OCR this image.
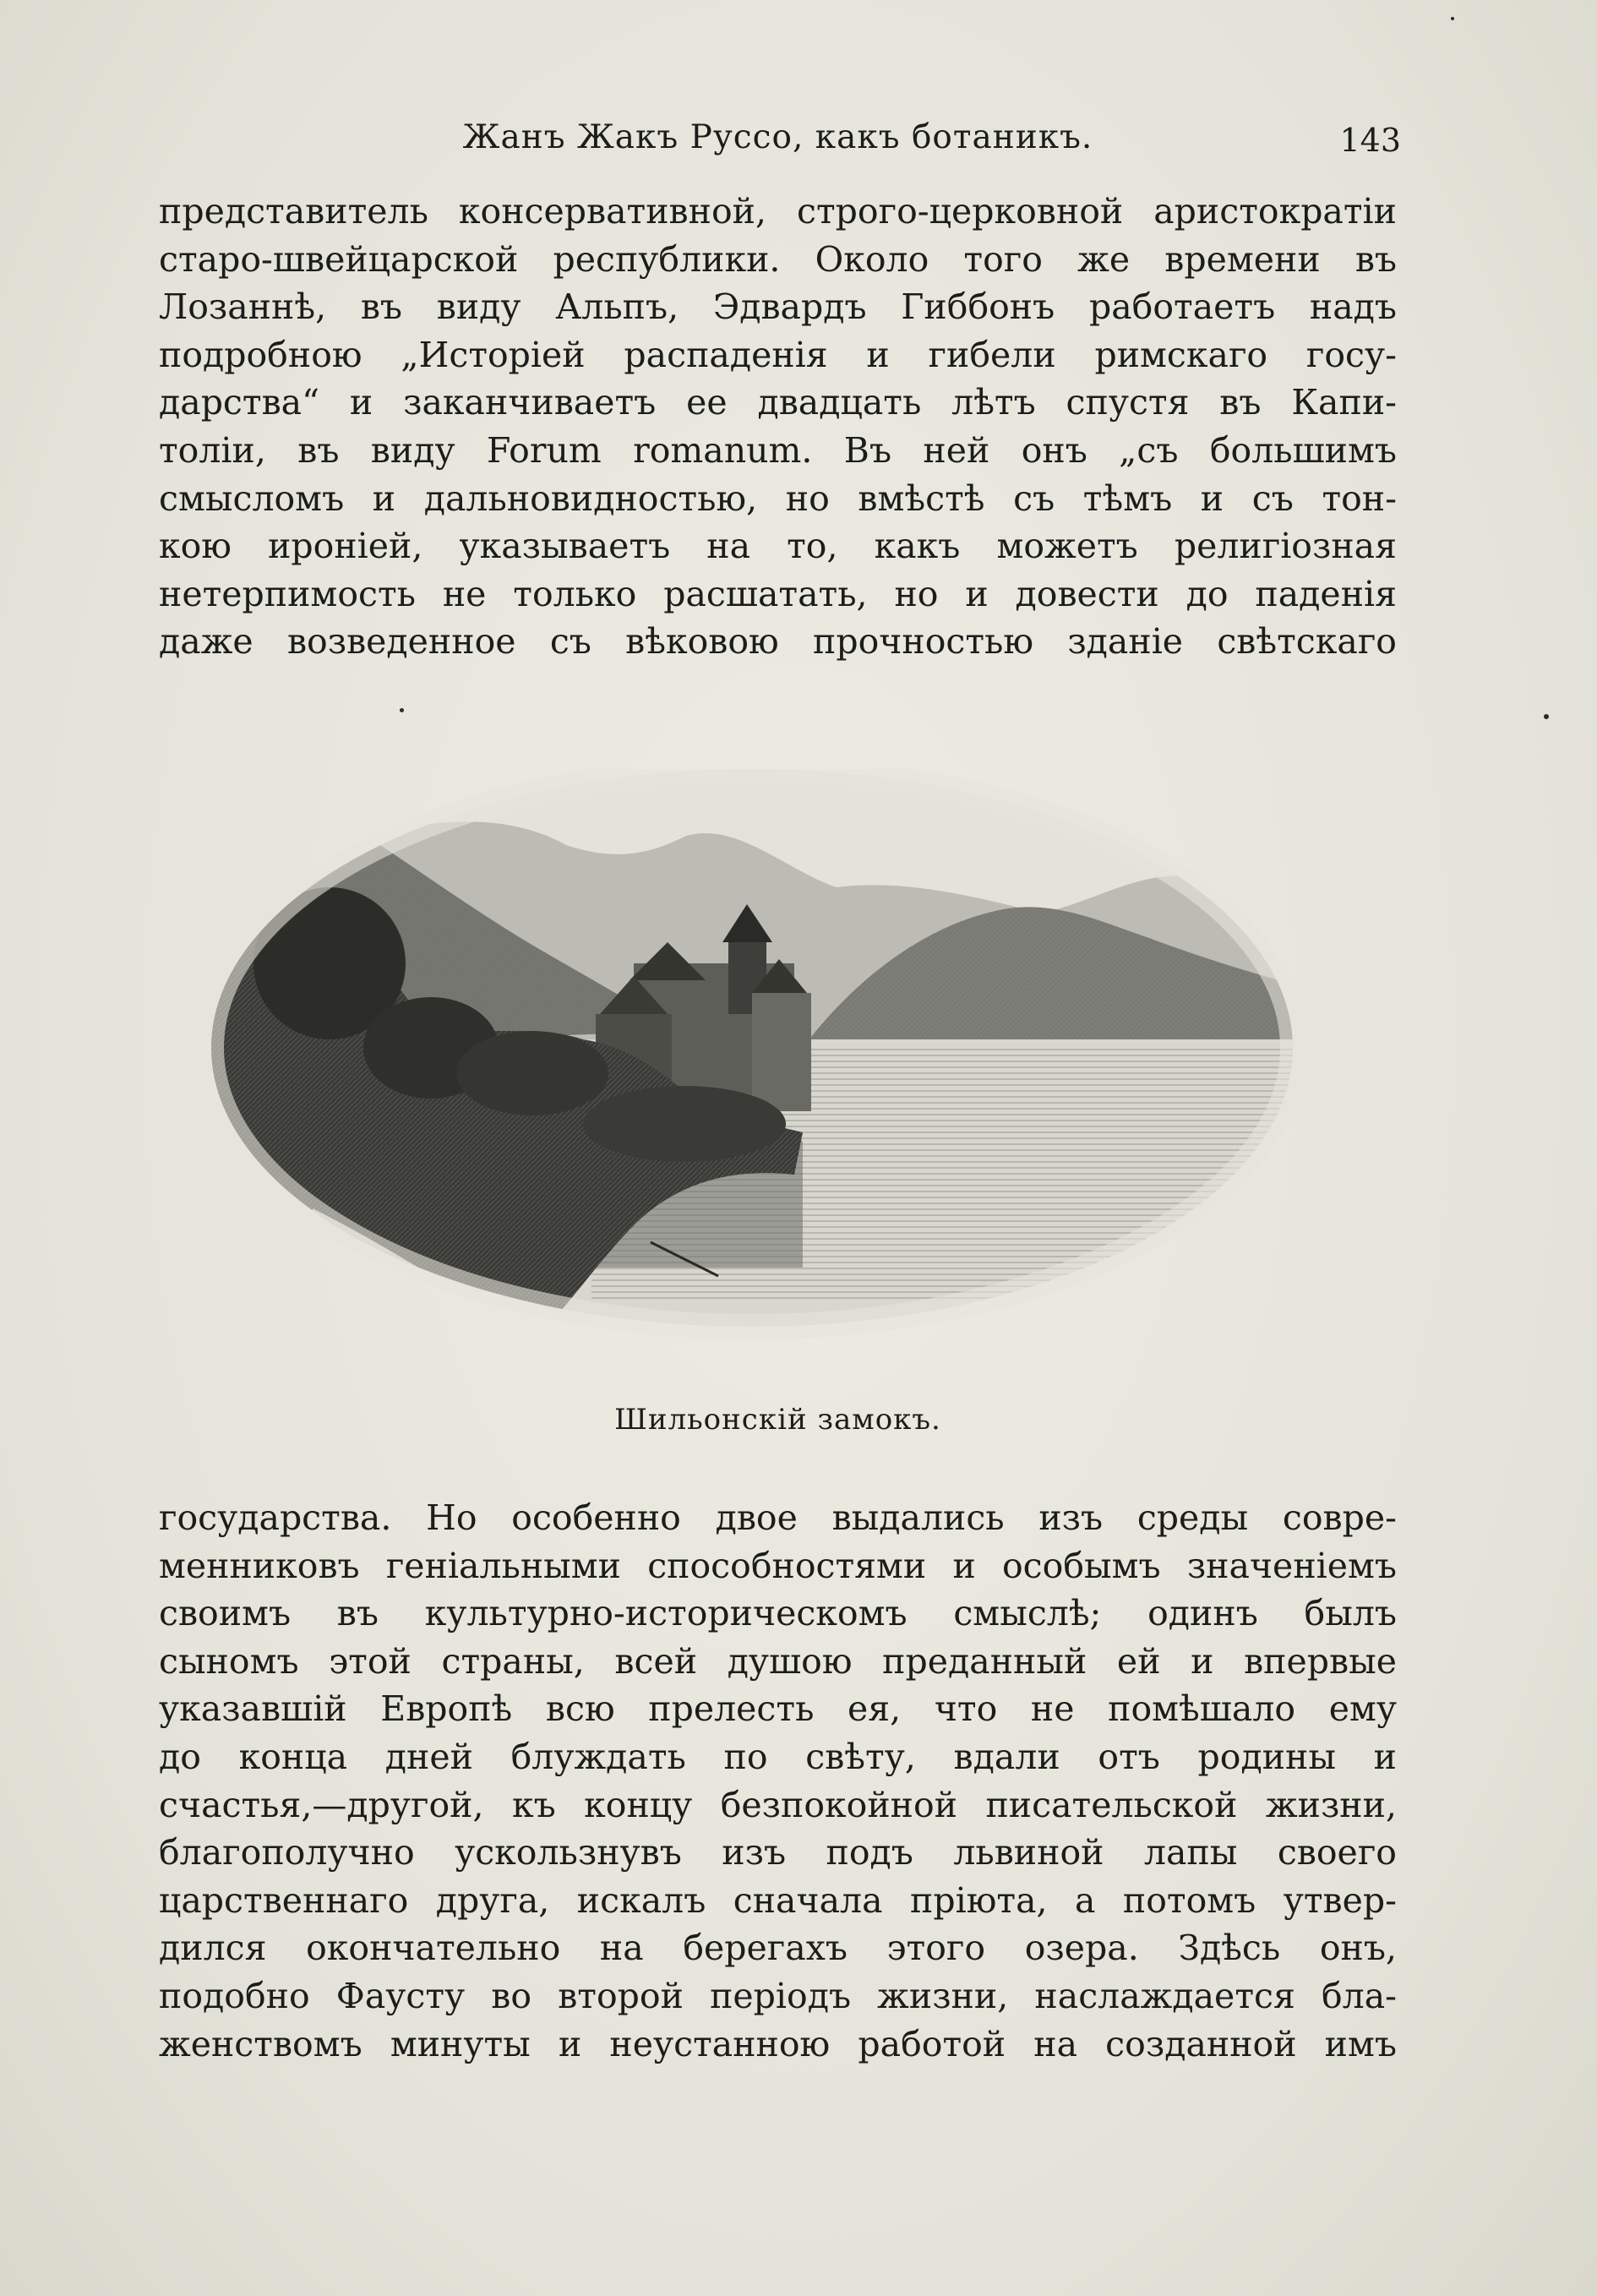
Жанъ Жакъ Руссо, какъ ботаникъ.	143
представитель консервативной, строго-церковной аристократіи
старо-швейцарской республики. Около того же времени въ
Лозаннѣ, въ виду Альпъ, Эдвардъ Гиббонъ работаетъ надъ
подробною „Исторіей распаденія и гибели римскаго госу-
дарства“ и заканчиваетъ ее двадцать лѣтъ спустя въ Капи-
толіи, въ виду Forum romanum. Въ ней онъ „съ большимъ
смысломъ и дальновидностью, но вмѣстѣ съ тѣмъ и съ тон-
кою ироніей, указываетъ на то, какъ можетъ религіозная
нетерпимость не только расшатать, но и довести до паденія
даже возведенное съ вѣковою прочностью зданіе свѣтскаго
Шильонскій замокъ.
государства. Но особенно двое выдались изъ среды совре-
менниковъ геніальными способностями и особымъ значеніемъ
своимъ въ культурно-историческомъ смыслѣ; одинъ былъ
сыномъ этой страны, всей душою преданный ей и впервые
указавшій Европѣ всю прелесть ея, что не помѣшало ему
до конца дней блуждать по свѣту, вдали отъ родины и
счастья,—другой, къ концу безпокойной писательской жизни,
благополучно ускользнувъ изъ подъ львиной лапы своего
царственнаго друга, искалъ сначала пріюта, а потомъ утвер-
дился окончательно на берегахъ этого озера. Здѣсь онъ,
подобно Фаусту во второй періодъ жизни, наслаждается бла-
женствомъ минуты и неустанною работой на созданной имъ
